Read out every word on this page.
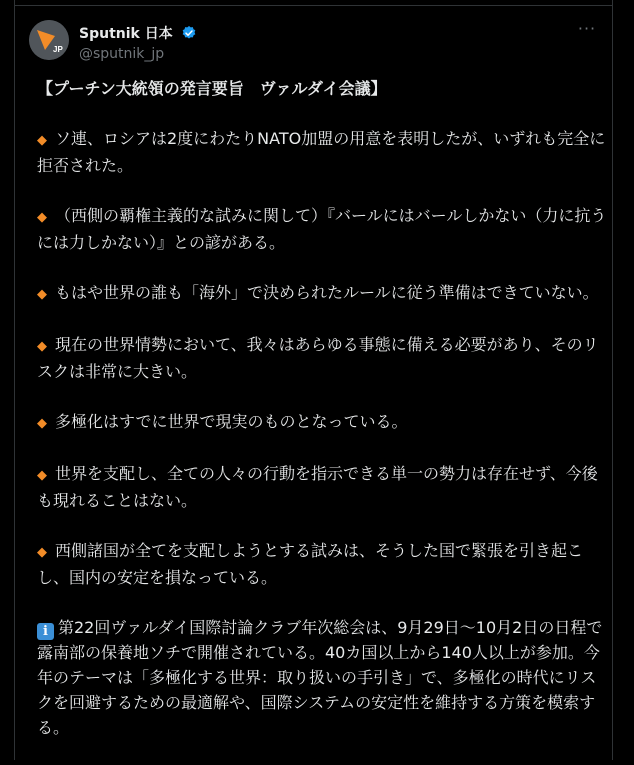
JP
Sputnik 日本
@sputnik_jp
···

【プーチン大統領の発言要旨　ヴァルダイ会議】

◆ ソ連、ロシアは2度にわたりNATO加盟の用意を表明したが、いずれも完全に拒否された。

◆ （西側の覇権主義的な試みに関して）『バールにはバールしかない（力に抗うには力しかない）』との諺がある。

◆ もはや世界の誰も「海外」で決められたルールに従う準備はできていない。

◆ 現在の世界情勢において、我々はあらゆる事態に備える必要があり、そのリスクは非常に大きい。

◆ 多極化はすでに世界で現実のものとなっている。

◆ 世界を支配し、全ての人々の行動を指示できる単一の勢力は存在せず、今後も現れることはない。

◆ 西側諸国が全てを支配しようとする試みは、そうした国で緊張を引き起こし、国内の安定を損なっている。

i 第22回ヴァルダイ国際討論クラブ年次総会は、9月29日～10月2日の日程で露南部の保養地ソチで開催されている。40カ国以上から140人以上が参加。今年のテーマは「多極化する世界：取り扱いの手引き」で、多極化の時代にリスクを回避するための最適解や、国際システムの安定性を維持する方策を模索する。
